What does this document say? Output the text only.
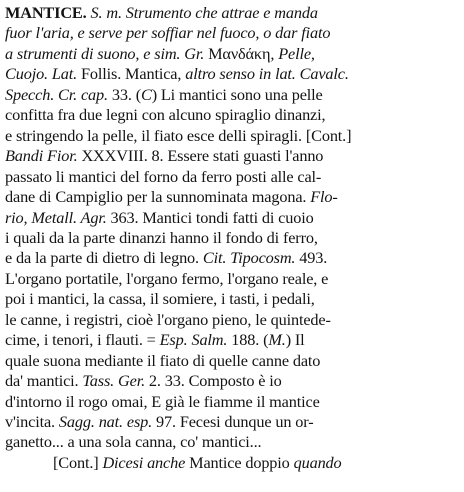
MANTICE. S. m. Strumento che attrae e manda
fuor l'aria, e serve per soffiar nel fuoco, o dar fiato
a strumenti di suono, e sim. Gr. Μανδάκη, Pelle,
Cuojo. Lat. Follis. Mantica, altro senso in lat. Cavalc.
Specch. Cr. cap. 33. (C) Li mantici sono una pelle
confitta fra due legni con alcuno spiraglio dinanzi,
e stringendo la pelle, il fiato esce delli spiragli. [Cont.]
Bandi Fior. XXXVIII. 8. Essere stati guasti l'anno
passato li mantici del forno da ferro posti alle cal-
dane di Campiglio per la sunnominata magona. Flo-
rio, Metall. Agr. 363. Mantici tondi fatti di cuoio
i quali da la parte dinanzi hanno il fondo di ferro,
e da la parte di dietro di legno. Cit. Tipocosm. 493.
L'organo portatile, l'organo fermo, l'organo reale, e
poi i mantici, la cassa, il somiere, i tasti, i pedali,
le canne, i registri, cioè l'organo pieno, le quintede-
cime, i tenori, i flauti. = Esp. Salm. 188. (M.) Il
quale suona mediante il fiato di quelle canne dato
da' mantici. Tass. Ger. 2. 33. Composto è io
d'intorno il rogo omai, E già le fiamme il mantice
v'incita. Sagg. nat. esp. 97. Fecesi dunque un or-
ganetto... a una sola canna, co' mantici...
[Cont.] Dicesi anche Mantice doppio quando
